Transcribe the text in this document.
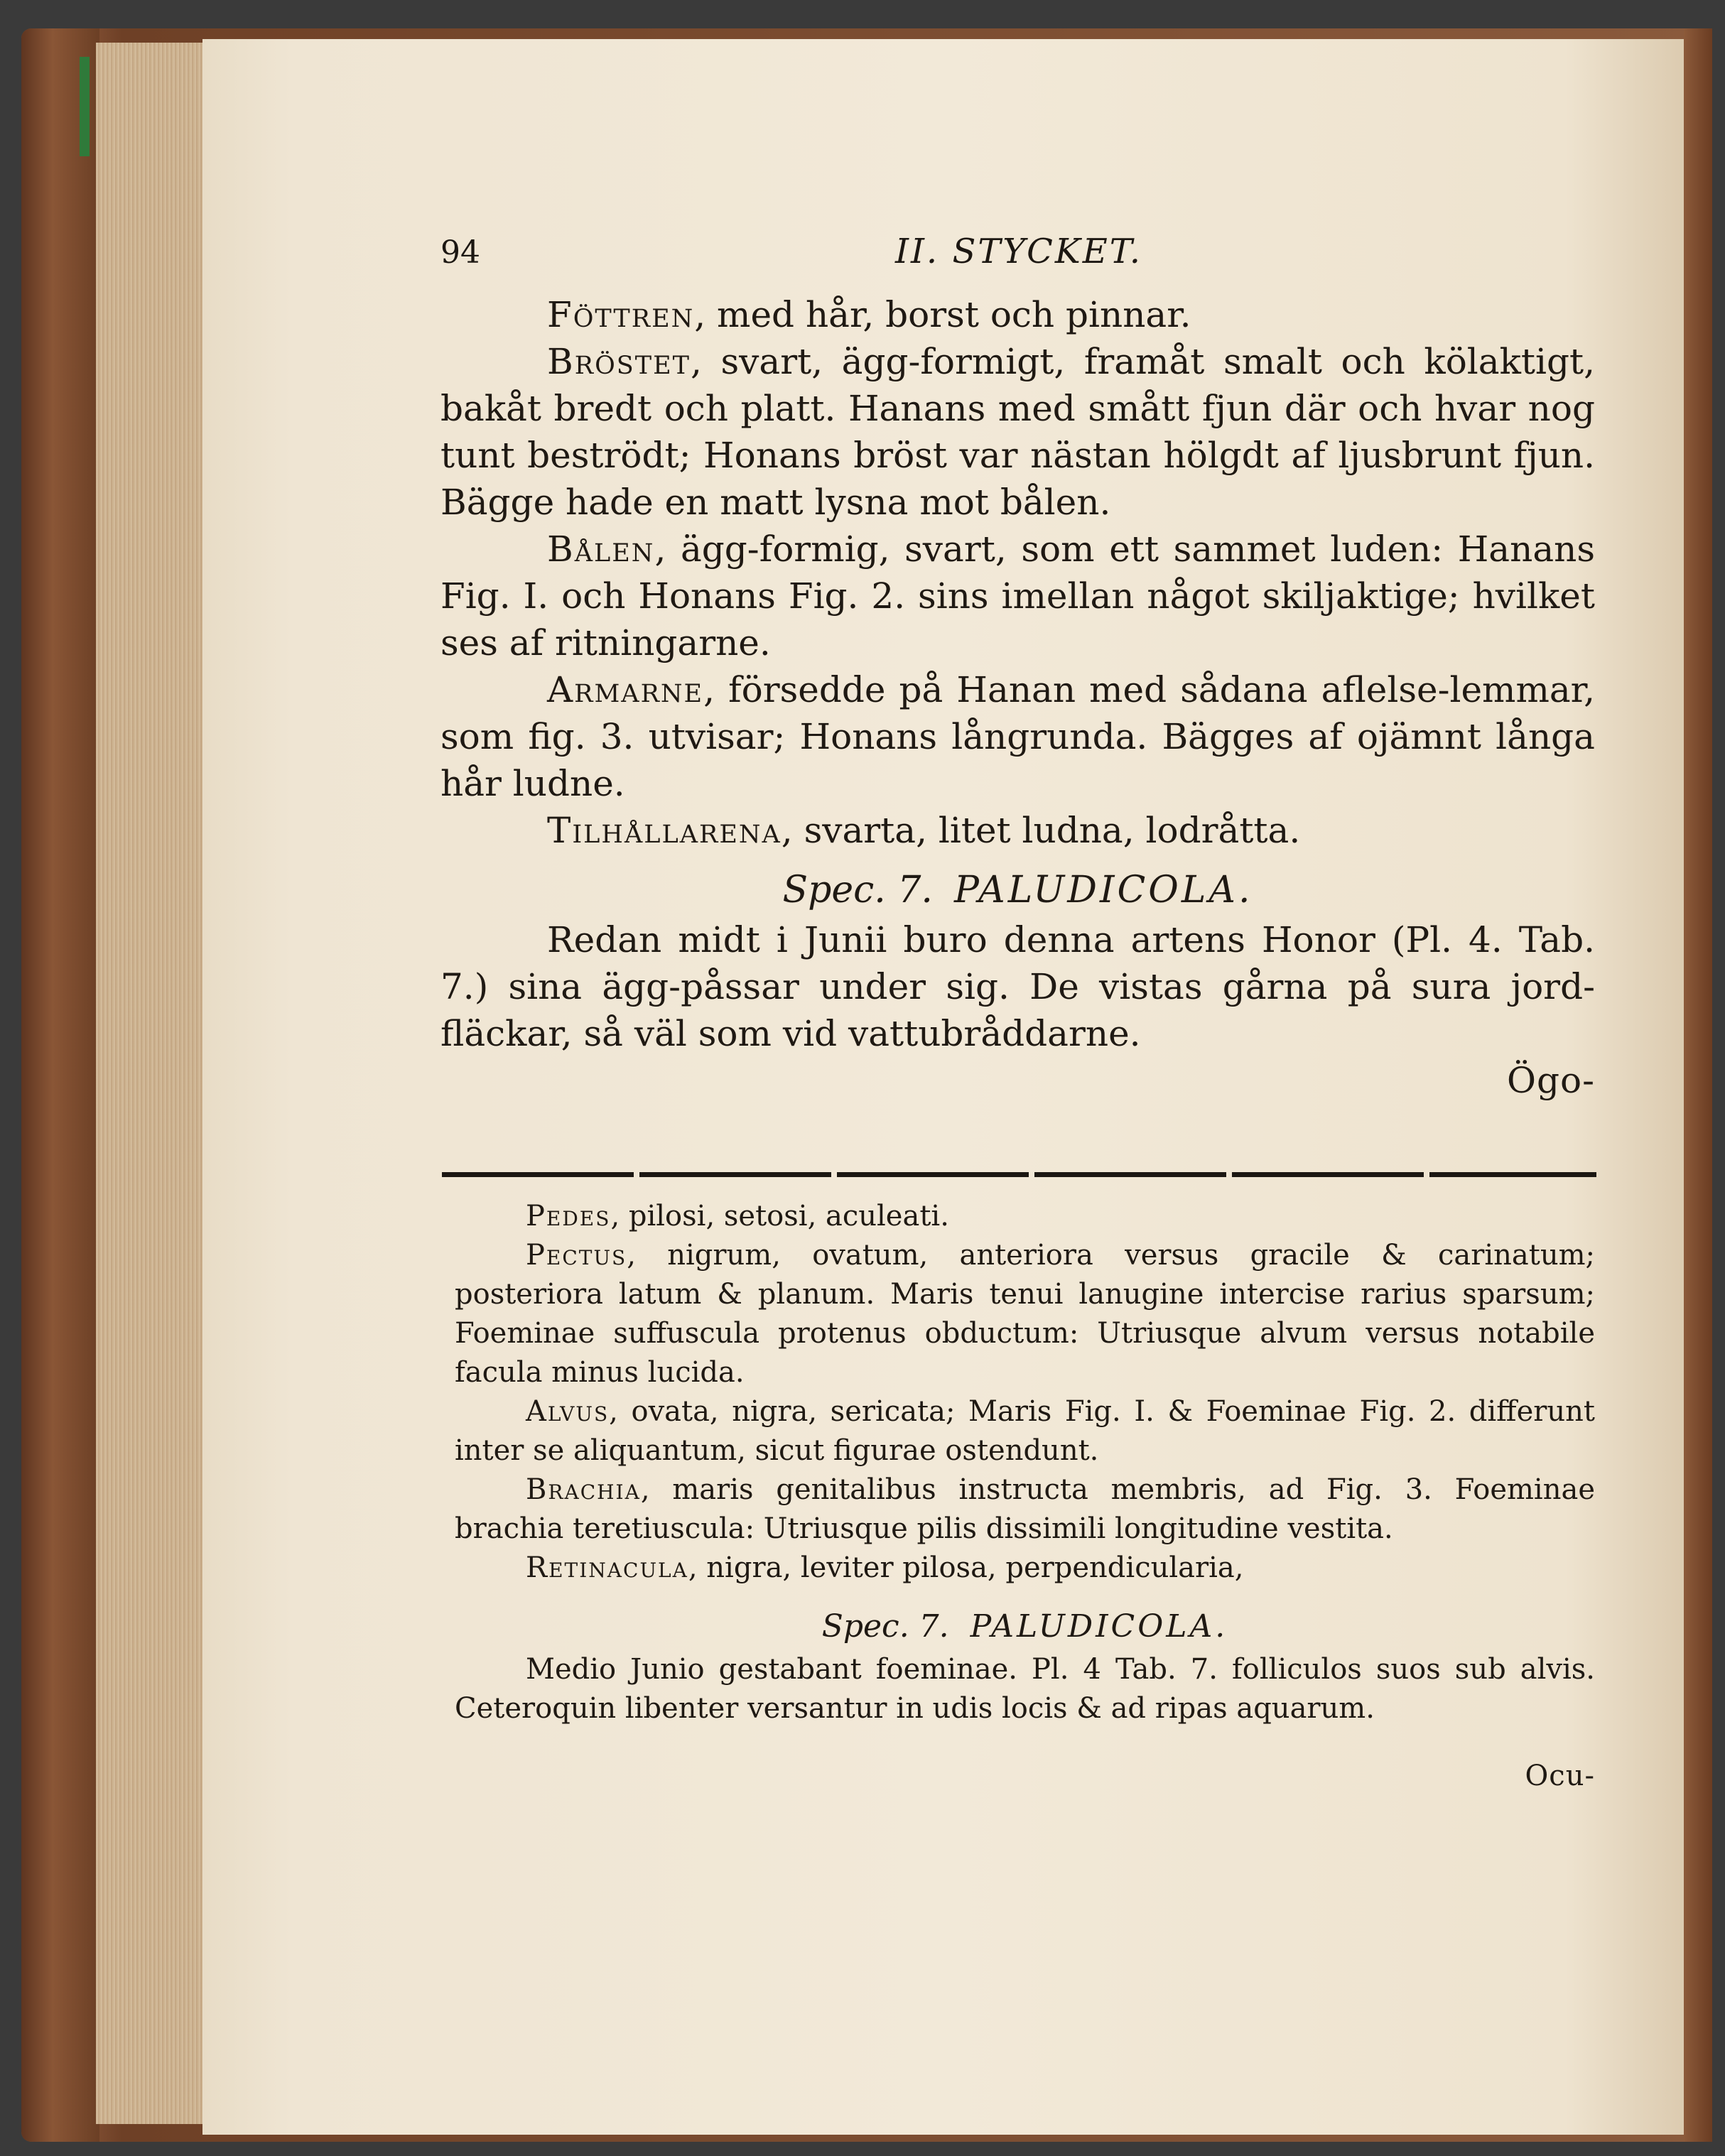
94	II. STYCKET.

Föttren, med hår, borst och pinnar.

Bröstet, svart, ägg-formigt, framåt smalt och kölaktigt, bakåt bredt och platt. Hanans med smått fjun där och hvar nog tunt beströdt; Honans bröst var nästan hölgdt af ljusbrunt fjun. Bägge hade en matt lysna mot bålen.

Bålen, ägg-formig, svart, som ett sammet luden: Hanans Fig. I. och Honans Fig. 2. sins imellan något skiljaktige; hvilket ses af ritningarne.

Armarne, försedde på Hanan med sådana aflelse-lemmar, som fig. 3. utvisar; Honans långrunda. Bägges af ojämnt långa hår ludne.

Tilhållarena, svarta, litet ludna, lodråtta.

Spec. 7. PALUDICOLA.

Redan midt i Junii buro denna artens Honor (Pl. 4. Tab. 7.) sina ägg-påssar under sig. De vistas gårna på sura jord-fläckar, så väl som vid vattubråddarne.

Ögo-

Pedes, pilosi, setosi, aculeati.

Pectus, nigrum, ovatum, anteriora versus gracile & carinatum; posteriora latum & planum. Maris tenui lanugine intercise rarius sparsum; Foeminae suffuscula protenus obductum: Utriusque alvum versus notabile facula minus lucida.

Alvus, ovata, nigra, sericata; Maris Fig. I. & Foeminae Fig. 2. differunt inter se aliquantum, sicut figurae ostendunt.

Brachia, maris genitalibus instructa membris, ad Fig. 3. Foeminae brachia teretiuscula: Utriusque pilis dissimili longitudine vestita.

Retinacula, nigra, leviter pilosa, perpendicularia,

Spec. 7. PALUDICOLA.

Medio Junio gestabant foeminae. Pl. 4 Tab. 7. folliculos suos sub alvis. Ceteroquin libenter versantur in udis locis & ad ripas aquarum.

Ocu-
